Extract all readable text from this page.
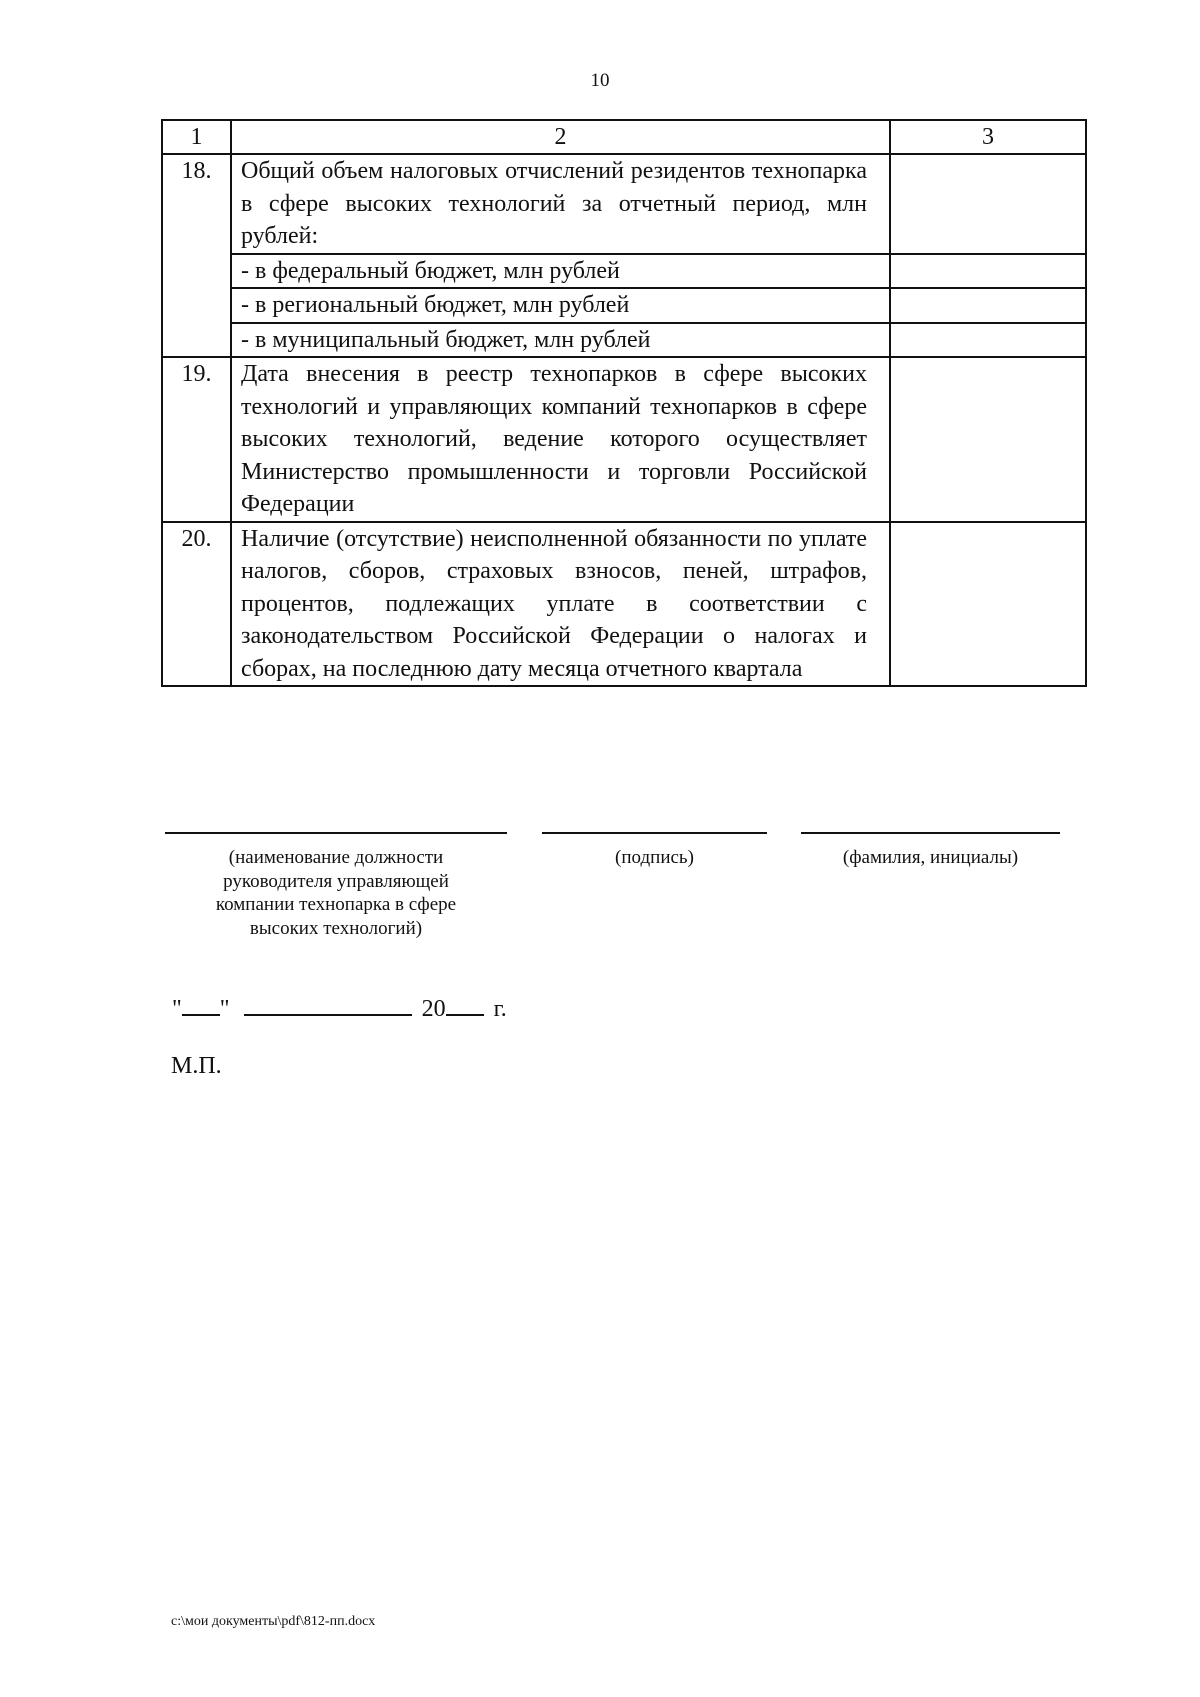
10
1	2	3
18.	Общий объем налоговых отчислений резидентов технопарка в сфере высоких технологий за отчетный период, млн рублей:	

	- в федеральный бюджет, млн рублей	

	- в региональный бюджет, млн рублей	

	- в муниципальный бюджет, млн рублей	

19.	Дата внесения в реестр технопарков в сфере высоких технологий и управляющих компаний технопарков в сфере высоких технологий, ведение которого осуществляет Министерство промышленности и торговли Российской Федерации	

20.	Наличие (отсутствие) неисполненной обязанности по уплате налогов, сборов, страховых взносов, пеней, штрафов, процентов, подлежащих уплате в соответствии с законодательством Российской Федерации о налогах и сборах, на последнюю дату месяца отчетного квартала	

(наименование должности руководителя управляющей компании технопарка в сфере высоких технологий)
(подпись)	(фамилия, инициалы)
" "	20 г.
М.П.
c:\мои документы\pdf\812-пп.docx
